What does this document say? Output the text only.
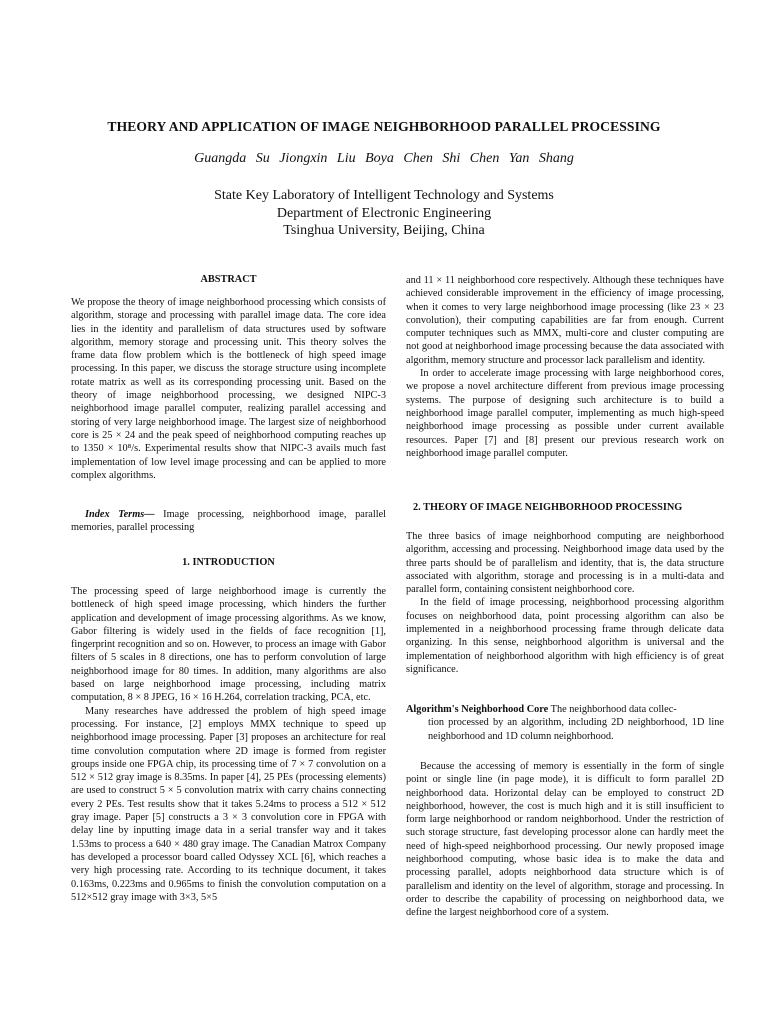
THEORY AND APPLICATION OF IMAGE NEIGHBORHOOD PARALLEL PROCESSING
Guangda Su Jiongxin Liu Boya Chen Shi Chen Yan Shang
State Key Laboratory of Intelligent Technology and Systems
Department of Electronic Engineering
Tsinghua University, Beijing, China
ABSTRACT

We propose the theory of image neighborhood processing which consists of algorithm, storage and processing with parallel image data. The core idea lies in the identity and parallelism of data structures used by software algorithm, memory storage and processing unit. This theory solves the frame data flow problem which is the bottleneck of high speed image processing. In this paper, we discuss the storage structure using incomplete rotate matrix as well as its corresponding processing unit. Based on the theory of image neighborhood processing, we designed NIPC-3 neighborhood image parallel computer, realizing parallel accessing and storing of very large neighborhood image. The largest size of neighborhood core is 25 × 24 and the peak speed of neighborhood computing reaches up to 1350 × 10⁸/s. Experimental results show that NIPC-3 avails much fast implementation of low level image processing and can be applied to more complex algorithms.

Index Terms— Image processing, neighborhood image, parallel memories, parallel processing

1. INTRODUCTION

The processing speed of large neighborhood image is currently the bottleneck of high speed image processing, which hinders the further application and development of image processing algorithms. As we know, Gabor filtering is widely used in the fields of face recognition [1], fingerprint recognition and so on. However, to process an image with Gabor filters of 5 scales in 8 directions, one has to perform convolution of large neighborhood image for 80 times. In addition, many algorithms are also based on large neighborhood image processing, including matrix computation, 8 × 8 JPEG, 16 × 16 H.264, correlation tracking, PCA, etc.

Many researches have addressed the problem of high speed image processing. For instance, [2] employs MMX technique to speed up neighborhood image processing. Paper [3] proposes an architecture for real time convolution computation where 2D image is formed from register groups inside one FPGA chip, its processing time of 7 × 7 convolution on a 512 × 512 gray image is 8.35ms. In paper [4], 25 PEs (processing elements) are used to construct 5 × 5 convolution matrix with carry chains connecting every 2 PEs. Test results show that it takes 5.24ms to process a 512 × 512 gray image. Paper [5] constructs a 3 × 3 convolution core in FPGA with delay line by inputting image data in a serial transfer way and it takes 1.53ms to process a 640 × 480 gray image. The Canadian Matrox Company has developed a processor board called Odyssey XCL [6], which reaches a very high processing rate. According to its technique document, it takes 0.163ms, 0.223ms and 0.965ms to finish the convolution computation on a 512×512 gray image with 3×3, 5×5

and 11 × 11 neighborhood core respectively. Although these techniques have achieved considerable improvement in the efficiency of image processing, when it comes to very large neighborhood image processing (like 23 × 23 convolution), their computing capabilities are far from enough. Current computer techniques such as MMX, multi-core and cluster computing are not good at neighborhood image processing because the data associated with algorithm, memory structure and processor lack parallelism and identity.

In order to accelerate image processing with large neighborhood cores, we propose a novel architecture different from previous image processing systems. The purpose of designing such architecture is to build a neighborhood image parallel computer, implementing as much high-speed neighborhood image processing as possible under current available resources. Paper [7] and [8] present our previous research work on neighborhood image parallel computer.

2. THEORY OF IMAGE NEIGHBORHOOD PROCESSING

The three basics of image neighborhood computing are neighborhood algorithm, accessing and processing. Neighborhood image data used by the three parts should be of parallelism and identity, that is, the data structure associated with algorithm, storage and processing is in a multi-data and parallel form, containing consistent neighborhood core.

In the field of image processing, neighborhood processing algorithm focuses on neighborhood data, point processing algorithm can also be implemented in a neighborhood processing frame through delicate data organizing. In this sense, neighborhood algorithm is universal and the implementation of neighborhood algorithm with high efficiency is of great significance.

Algorithm's Neighborhood Core The neighborhood data collec-
tion processed by an algorithm, including 2D neighborhood, 1D line neighborhood and 1D column neighborhood.

Because the accessing of memory is essentially in the form of single point or single line (in page mode), it is difficult to form parallel 2D neighborhood data. Horizontal delay can be employed to construct 2D neighborhood, however, the cost is much high and it is still insufficient to form large neighborhood or random neighborhood. Under the restriction of such storage structure, fast developing processor alone can hardly meet the need of high-speed neighborhood processing. Our newly proposed image neighborhood computing, whose basic idea is to make the data and processing parallel, adopts neighborhood data structure which is of parallelism and identity on the level of algorithm, storage and processing. In order to describe the capability of processing on neighborhood data, we define the largest neighborhood core of a system.
